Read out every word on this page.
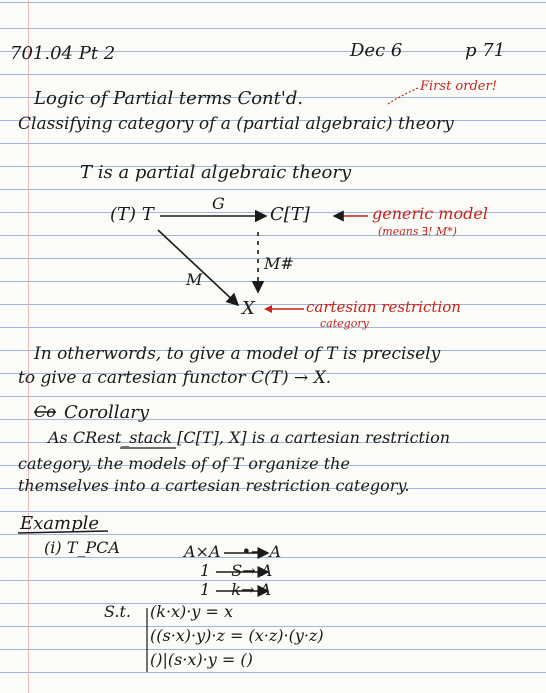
701.04 Pt 2	Dec 6	p 71
First order!
Logic of Partial terms Cont'd.
Classifying category of a (partial algebraic) theory
T is a partial algebraic theory
(T) T
G
C[T]	generic model
(means ∃! M*)
M#
M
X	cartesian restriction
category
In otherwords, to give a model of T is precisely
to give a cartesian functor C(T) → X.
Co Corollary
As CRest_stack [C[T], X] is a cartesian restriction
category, the models of of T organize the
themselves into a cartesian restriction category.
Example
(i) T_PCA	A×A —•→ A
1 —S→ A
1 —k→ A
S.t. (k·x)·y = x
((s·x)·y)·z = (x·z)·(y·z)
()|(s·x)·y = ()
